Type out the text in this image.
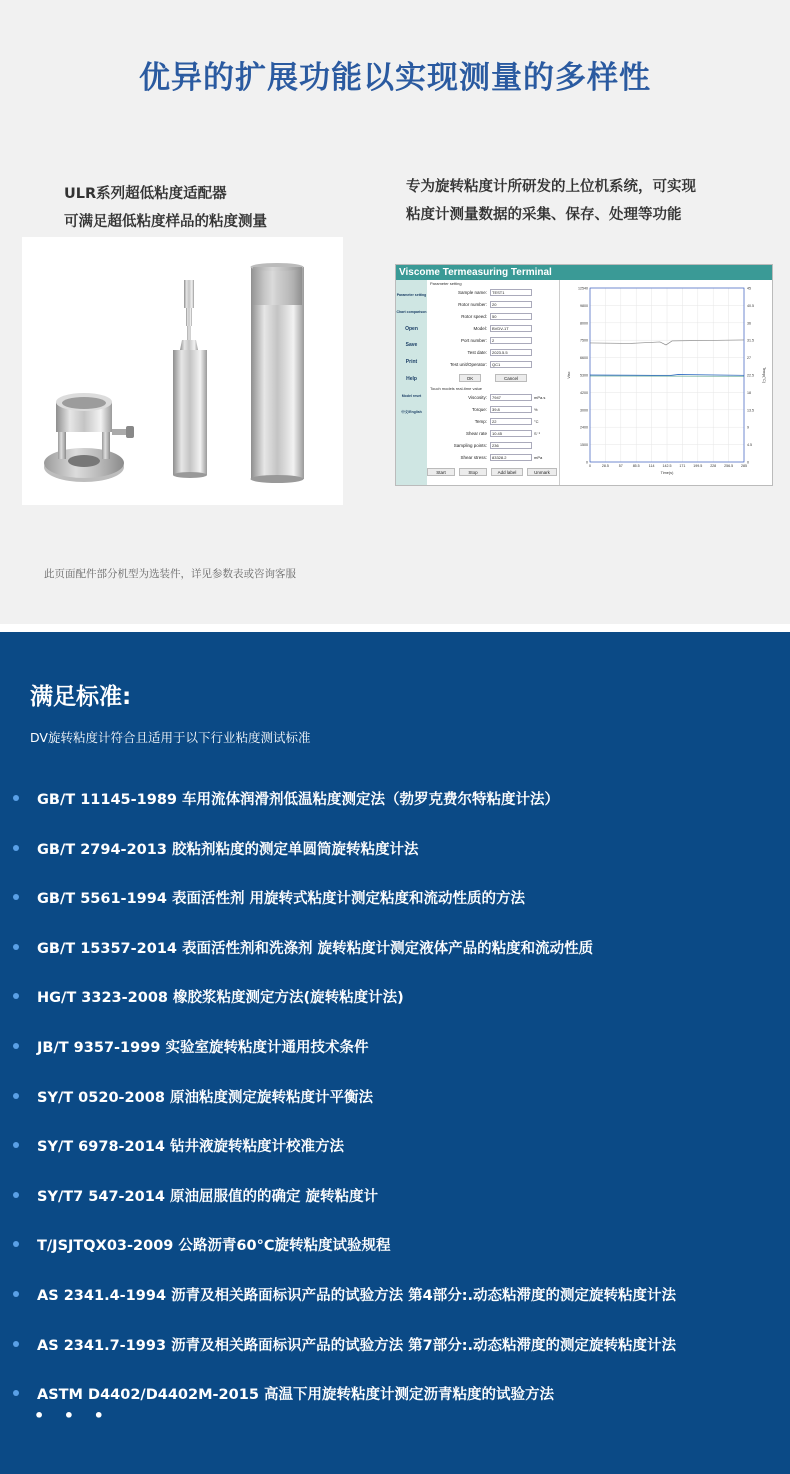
优异的扩展功能以实现测量的多样性
ULR系列超低粘度适配器
可满足超低粘度样品的粘度测量
专为旋转粘度计所研发的上位机系统，可实现
粘度计测量数据的采集、保存、处理等功能
Viscome Termeasuring Terminal
Parameter setting
Chart comparison
Open
Save
Print
Help
Model reset
中文/English
Parameter setting
Sample name:	TEST1
Rotor number:	20
Rotor speed:	50
Model:	BVDV-1T
Port number:	2
Test date:	2023.5.5
Test unit/Operator:	QC1
OK	Cancel
Touch models real-time value
Viscosity:	7947	mPa.s
Torque:	39.8	%
Temp:	22	°C
Shear rate	10.45	S⁻¹
Sampling points:	236
Shear stress:	83328.2	mPa
Start	Stop	Add label	Unmark
12540	45
9800	40.5
8000	36
7500	31.5
6600	27
5300	22.5
4200	18
3000	13.5
2400	9
1500	4.5
0	0
0	28.5	57	85.5	114 142.5 171 199.5 228 256.5 285
Visc	Temp(°C)
Time(s)
此页面配件部分机型为选装件，详见参数表或咨询客服
满足标准:
DV旋转粘度计符合且适用于以下行业粘度测试标准
GB/T 11145-1989 车用流体润滑剂低温粘度测定法（勃罗克费尔特粘度计法）
GB/T 2794-2013 胶粘剂粘度的测定单圆筒旋转粘度计法
GB/T 5561-1994 表面活性剂 用旋转式粘度计测定粘度和流动性质的方法
GB/T 15357-2014 表面活性剂和洗涤剂 旋转粘度计测定液体产品的粘度和流动性质
HG/T 3323-2008 橡胶浆粘度测定方法(旋转粘度计法)
JB/T 9357-1999 实验室旋转粘度计通用技术条件
SY/T 0520-2008 原油粘度测定旋转粘度计平衡法
SY/T 6978-2014 钻井液旋转粘度计校准方法
SY/T7 547-2014 原油屈服值的的确定 旋转粘度计
T/JSJTQX03-2009 公路沥青60°C旋转粘度试验规程
AS 2341.4-1994 沥青及相关路面标识产品的试验方法 第4部分:.动态粘滞度的测定旋转粘度计法
AS 2341.7-1993 沥青及相关路面标识产品的试验方法 第7部分:.动态粘滞度的测定旋转粘度计法
ASTM D4402/D4402M-2015 高温下用旋转粘度计测定沥青粘度的试验方法
• • •
